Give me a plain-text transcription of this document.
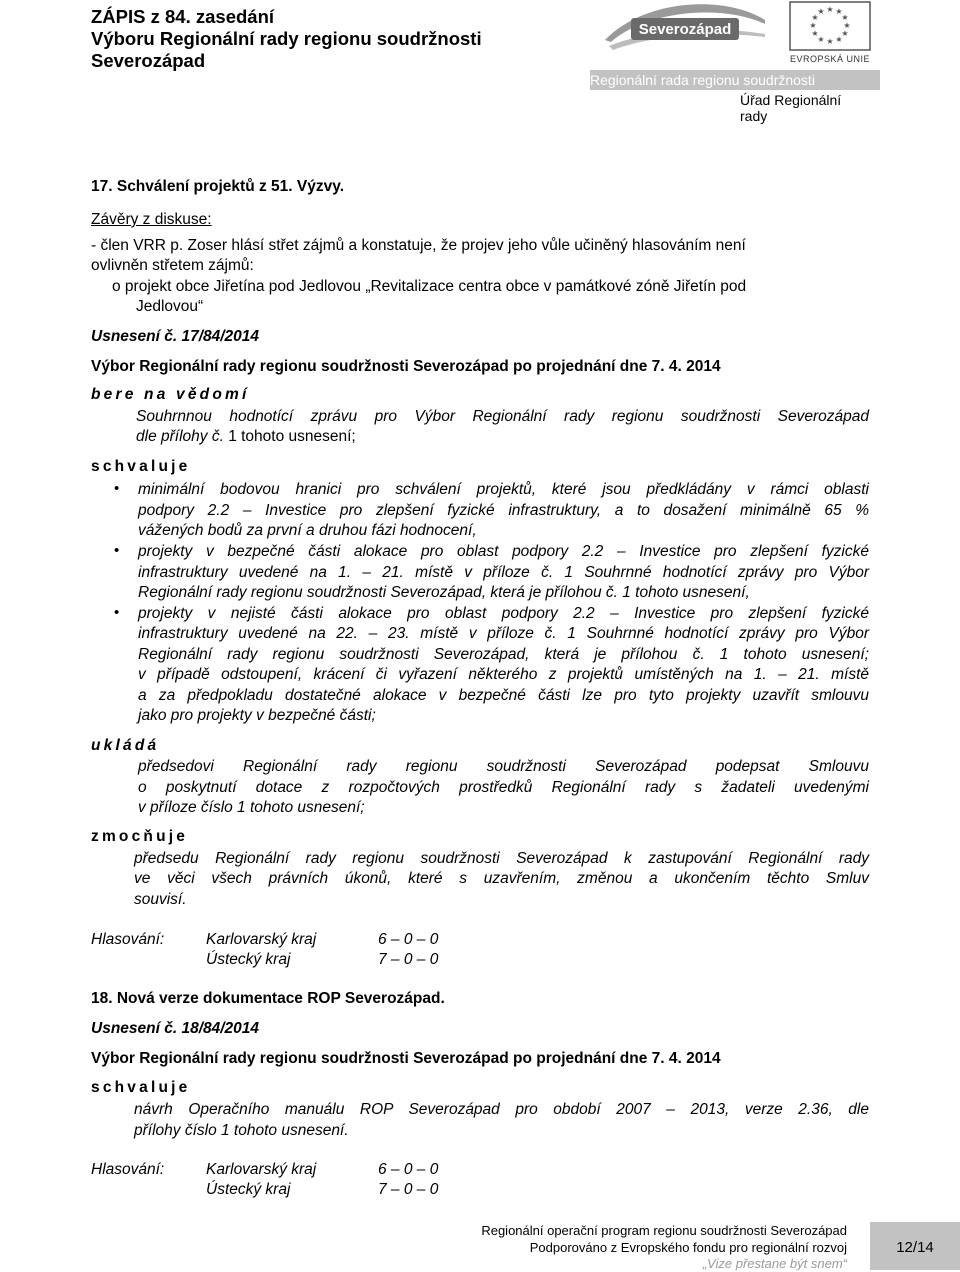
ZÁPIS z 84. zasedání
Výboru Regionální rady regionu soudržnosti
Severozápad
Severozápad
★ ★
★
★
★
★
★
★
★
★
★
★
EVROPSKÁ UNIE
Regionální rada regionu soudržnosti Severozápad	Úřad Regionální rady
17. Schválení projektů z 51. Výzvy.
Závěry z diskuse:
- člen VRR p. Zoser hlásí střet zájmů a konstatuje, že projev jeho vůle učiněný hlasováním není
ovlivněn střetem zájmů:
o projekt obce Jiřetína pod Jedlovou „Revitalizace centra obce v památkové zóně Jiřetín pod
Jedlovou“
Usnesení č. 17/84/2014
Výbor Regionální rady regionu soudržnosti Severozápad po projednání dne 7. 4. 2014
bere na vědomí
Souhrnnou hodnotící zprávu pro Výbor Regionální rady regionu soudržnosti Severozápad
dle přílohy č. 1 tohoto usnesení;
schvaluje
• minimální bodovou hranici pro schválení projektů, které jsou předkládány v rámci oblasti
podpory 2.2 – Investice pro zlepšení fyzické infrastruktury, a to dosažení minimálně 65 %
vážených bodů za první a druhou fázi hodnocení,
• projekty v bezpečné části alokace pro oblast podpory 2.2 – Investice pro zlepšení fyzické
infrastruktury uvedené na 1. – 21. místě v příloze č. 1 Souhrnné hodnotící zprávy pro Výbor
Regionální rady regionu soudržnosti Severozápad, která je přílohou č. 1 tohoto usnesení,
• projekty v nejisté části alokace pro oblast podpory 2.2 – Investice pro zlepšení fyzické
infrastruktury uvedené na 22. – 23. místě v příloze č. 1 Souhrnné hodnotící zprávy pro Výbor
Regionální rady regionu soudržnosti Severozápad, která je přílohou č. 1 tohoto usnesení;
v případě odstoupení, krácení či vyřazení některého z projektů umístěných na 1. – 21. místě
a za předpokladu dostatečné alokace v bezpečné části lze pro tyto projekty uzavřít smlouvu
jako pro projekty v bezpečné části;
ukládá
předsedovi Regionální rady regionu soudržnosti Severozápad podepsat Smlouvu
o poskytnutí dotace z rozpočtových prostředků Regionální rady s žadateli uvedenými
v příloze číslo 1 tohoto usnesení;
zmocňuje
předsedu Regionální rady regionu soudržnosti Severozápad k zastupování Regionální rady
ve věci všech právních úkonů, které s uzavřením, změnou a ukončením těchto Smluv
souvisí.
Hlasování:	Karlovarský kraj	6 – 0 – 0
Ústecký kraj	7 – 0 – 0
18. Nová verze dokumentace ROP Severozápad.
Usnesení č. 18/84/2014
Výbor Regionální rady regionu soudržnosti Severozápad po projednání dne 7. 4. 2014
schvaluje
návrh Operačního manuálu ROP Severozápad pro období 2007 – 2013, verze 2.36, dle
přílohy číslo 1 tohoto usnesení.
Hlasování:	Karlovarský kraj	6 – 0 – 0
Ústecký kraj	7 – 0 – 0
Regionální operační program regionu soudržnosti Severozápad
Podporováno z Evropského fondu pro regionální rozvoj
„Vize přestane být snem“
12/14
